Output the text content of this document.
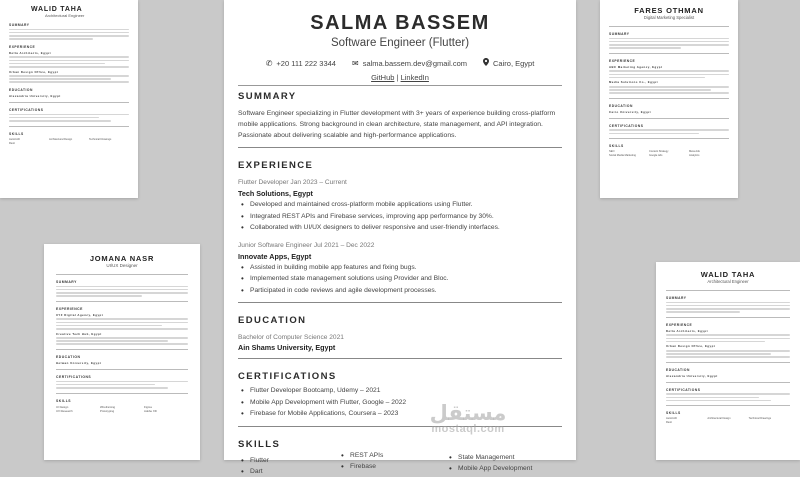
WALID TAHA
Architectural Engineer
SUMMARY
EXPERIENCE
Delta Architects, Egypt
Urban Design Office, Egypt
EDUCATION
Alexandria University, Egypt
CERTIFICATIONS
SKILLS
AutoCAD
Revit
Architectural Design	Technical Drawings
FARES OTHMAN
Digital Marketing Specialist
SUMMARY
EXPERIENCE
ABC Marketing Agency, Egypt
Media Solutions Co., Egypt
EDUCATION
Cairo University, Egypt
CERTIFICATIONS
SKILLS
SEO
Social Media Marketing
Content Strategy
Google Ads
Meta Ads
Analytics
JOMANA NASR
UI/UX Designer
SUMMARY
EXPERIENCE
XYZ Digital Agency, Egypt
Creative Tech Hub, Egypt
EDUCATION
Helwan University, Egypt
CERTIFICATIONS
SKILLS
UI Design
UX Research
Wireframing
Prototyping
Figma
Adobe XD
WALID TAHA
Architectural Engineer
SUMMARY
EXPERIENCE
Delta Architects, Egypt
Urban Design Office, Egypt
EDUCATION
Alexandria University, Egypt
CERTIFICATIONS
SKILLS
AutoCAD
Revit
Architectural Design	Technical Drawings
SALMA BASSEM
Software Engineer (Flutter)
✆ +20 111 222 3344 ✉ salma.bassem.dev@gmail.com	Cairo, Egypt
GitHub | LinkedIn
SUMMARY

Software Engineer specializing in Flutter development with 3+ years of experience building cross-platform mobile applications. Strong background in clean architecture, state management, and API integration. Passionate about delivering scalable and high-performance applications.

EXPERIENCE
Flutter Developer Jan 2023 – Current
Tech Solutions, Egypt
• Developed and maintained cross-platform mobile applications using Flutter.
• Integrated REST APIs and Firebase services, improving app performance by 30%.
• Collaborated with UI/UX designers to deliver responsive and user-friendly interfaces.
Junior Software Engineer Jul 2021 – Dec 2022
Innovate Apps, Egypt
• Assisted in building mobile app features and fixing bugs.
• Implemented state management solutions using Provider and Bloc.
• Participated in code reviews and agile development processes.
EDUCATION
Bachelor of Computer Science 2021
Ain Shams University, Egypt
CERTIFICATIONS
• Flutter Developer Bootcamp, Udemy – 2021
• Mobile App Development with Flutter, Google – 2022
• Firebase for Mobile Applications, Coursera – 2023
SKILLS
• Flutter
• Dart
• REST APIs
• Firebase
• State Management
• Mobile App Development
مستقل
mostaql.com
